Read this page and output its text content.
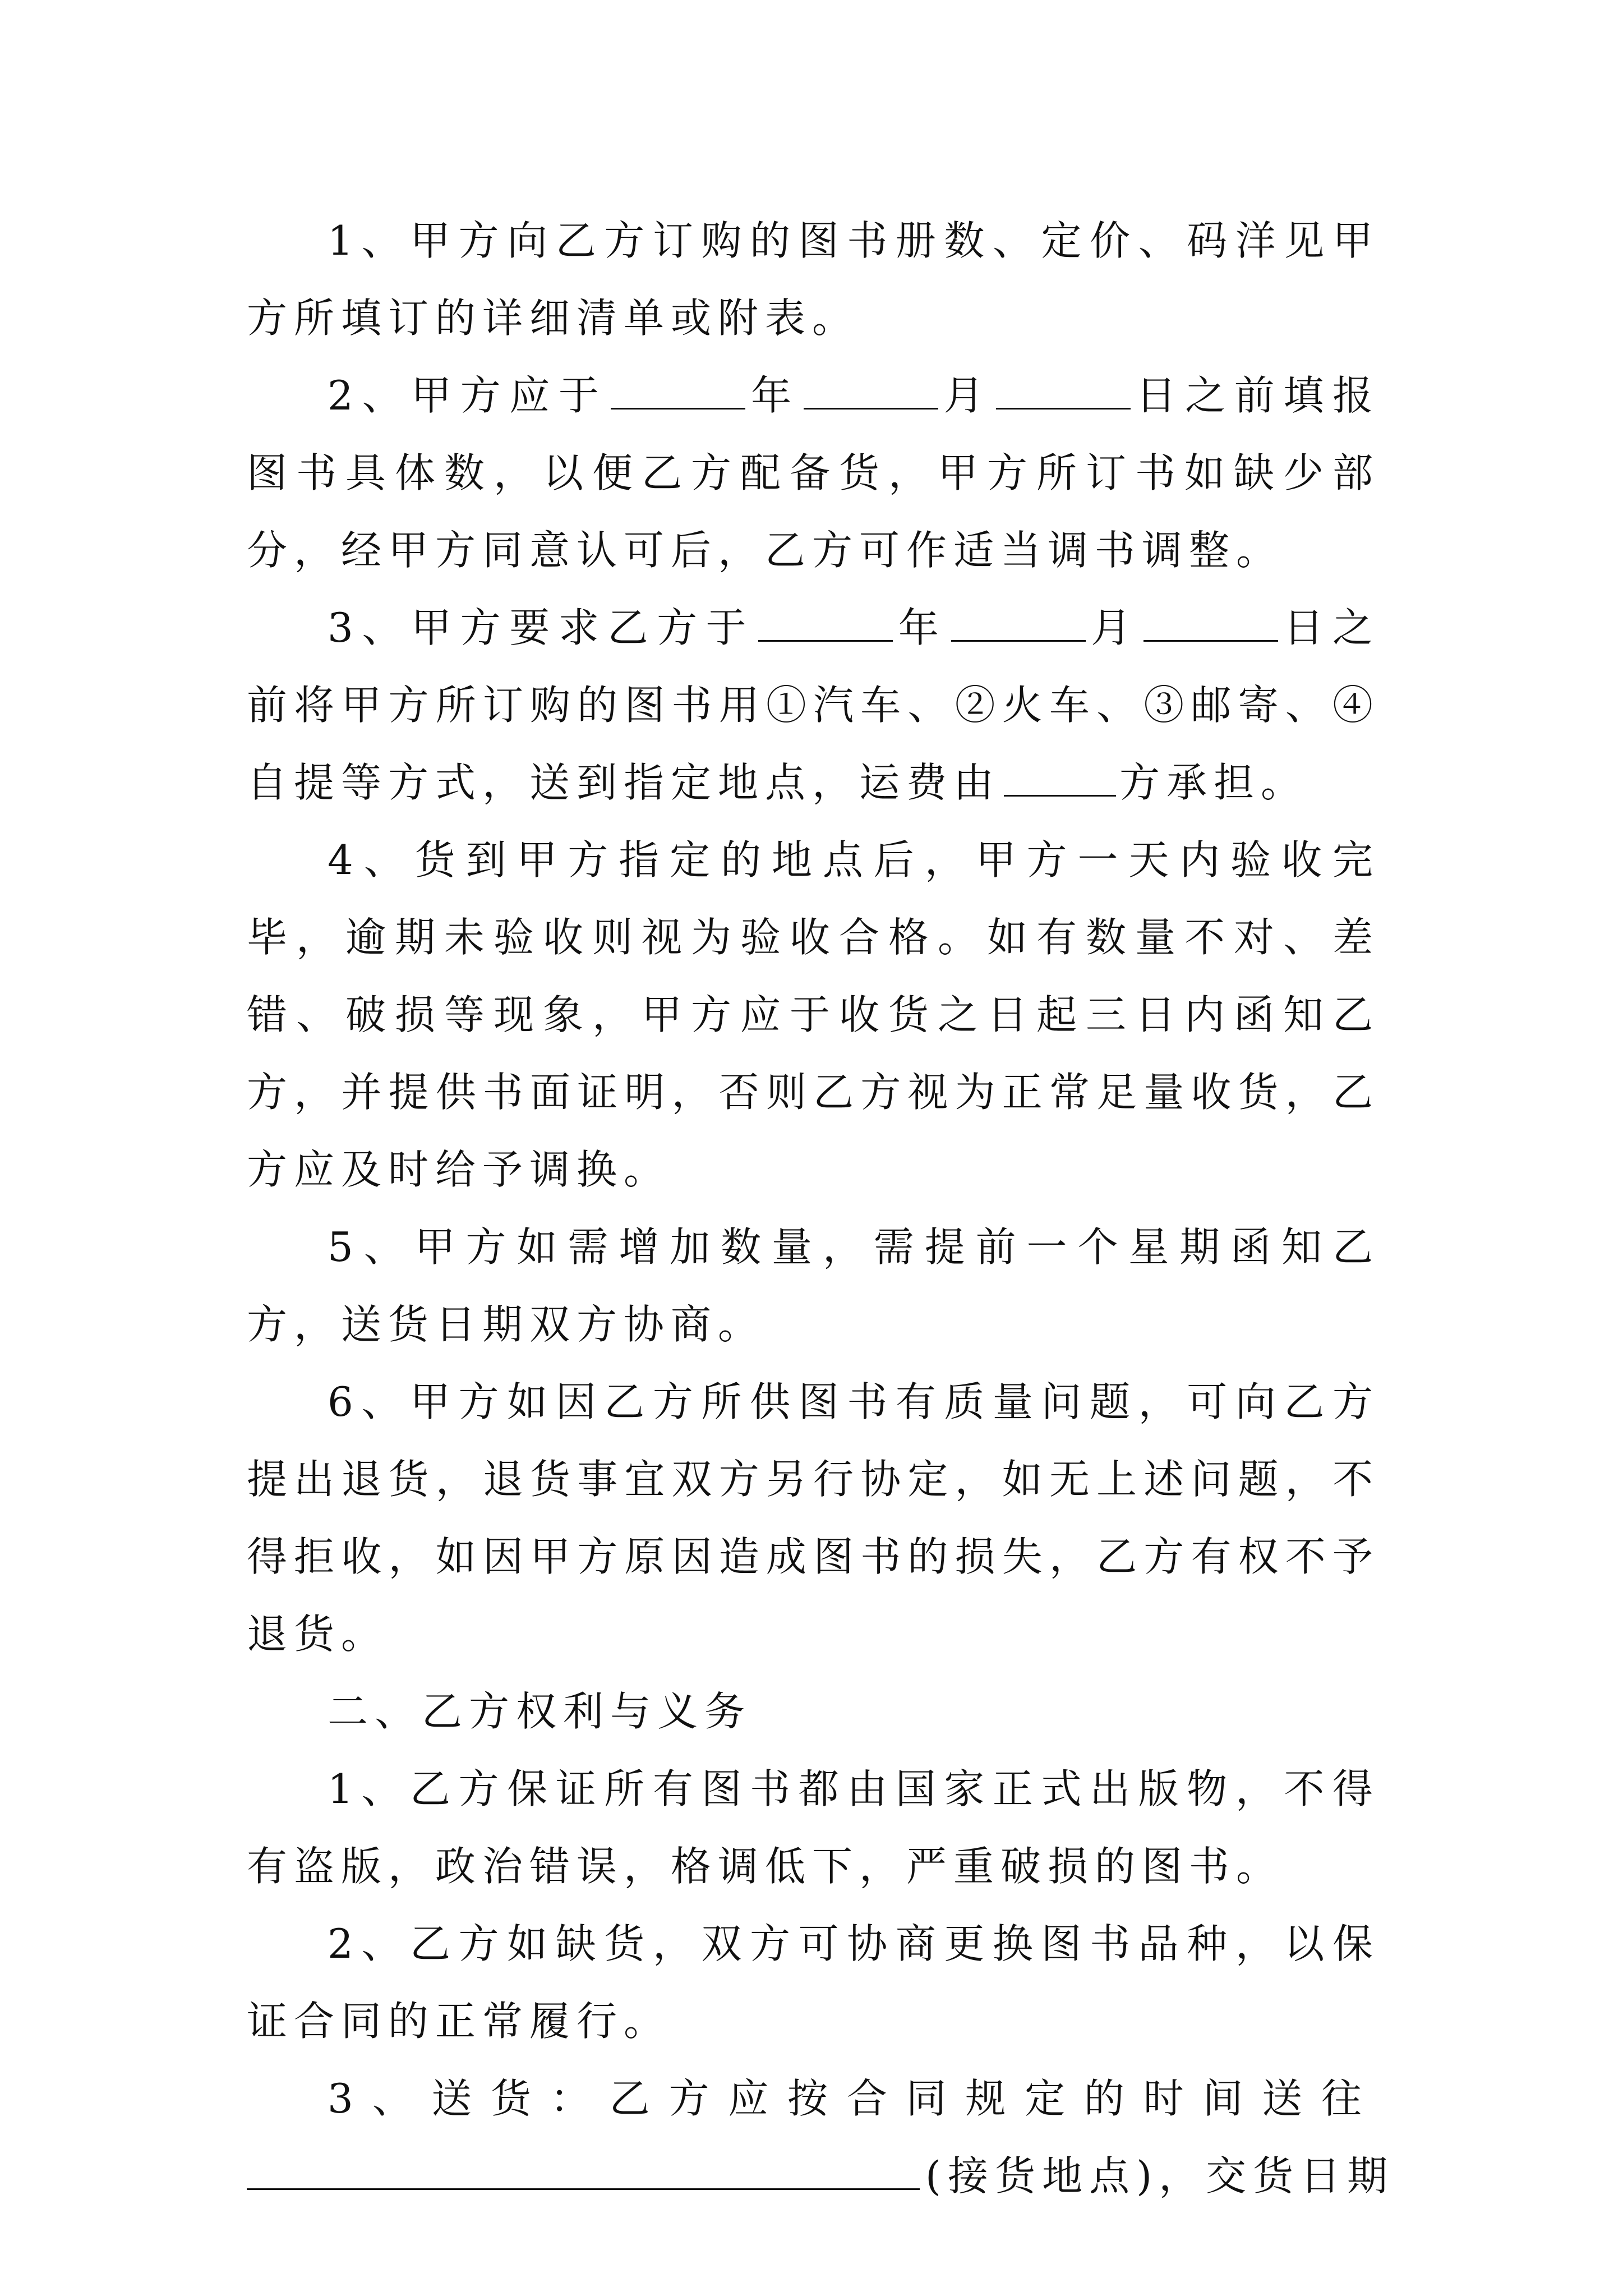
1、甲方向乙方订购的图书册数、定价、码洋见甲方所填订的详细清单或附表。

2、甲方应于	年	月	日之前填报图书具体数，以便乙方配备货，甲方所订书如缺少部分，经甲方同意认可后，乙方可作适当调书调整。

3、甲方要求乙方于	年	月	日之前将甲方所订购的图书用①汽车、②火车、③邮寄、④自提等方式，送到指定地点，运费由	方承担。

4、货到甲方指定的地点后，甲方一天内验收完毕，逾期未验收则视为验收合格。如有数量不对、差错、破损等现象，甲方应于收货之日起三日内函知乙方，并提供书面证明，否则乙方视为正常足量收货，乙方应及时给予调换。

5、甲方如需增加数量，需提前一个星期函知乙方，送货日期双方协商。

6、甲方如因乙方所供图书有质量问题，可向乙方提出退货，退货事宜双方另行协定，如无上述问题，不得拒收，如因甲方原因造成图书的损失，乙方有权不予退货。

二、乙方权利与义务

1、乙方保证所有图书都由国家正式出版物，不得有盗版，政治错误，格调低下，严重破损的图书。

2、乙方如缺货，双方可协商更换图书品种，以保证合同的正常履行。

3、送货：乙方应按合同规定的时间送往

(接货地点)，交货日期
